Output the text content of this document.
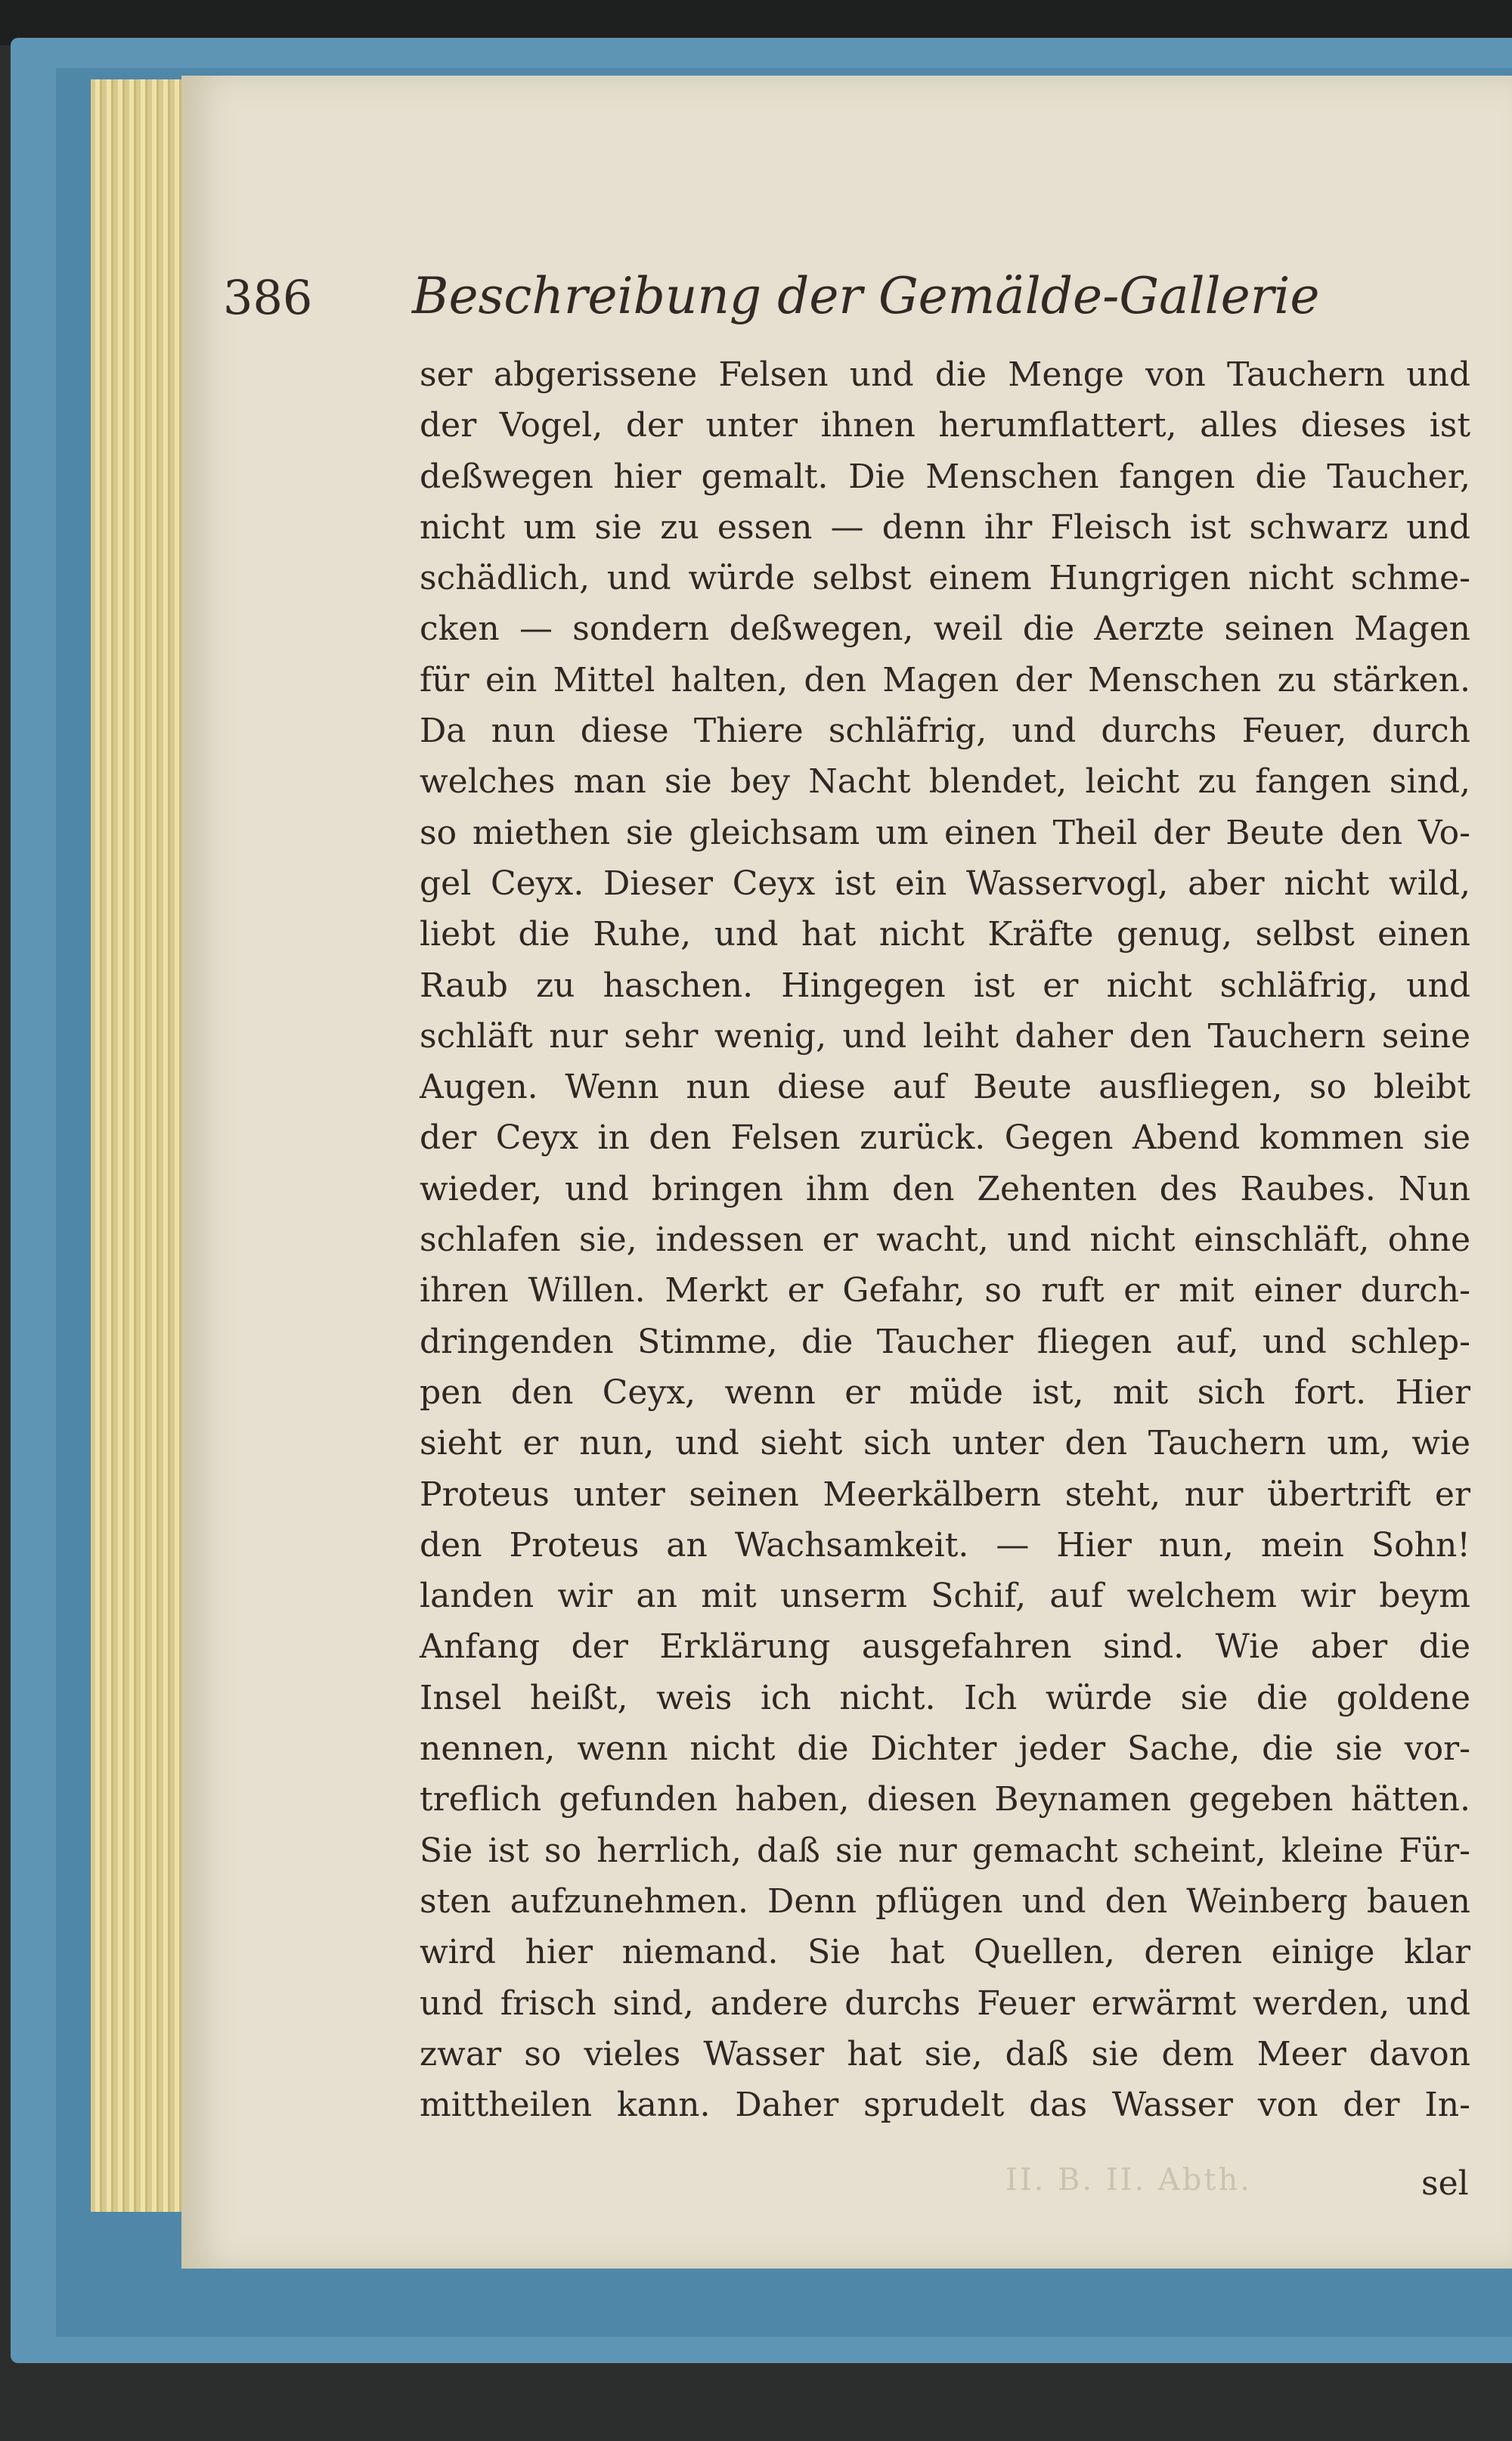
386	Beschreibung der Gemälde-Gallerie
ser abgerissene Felsen und die Menge von Tauchern und
der Vogel, der unter ihnen herumflattert, alles dieses ist
deßwegen hier gemalt. Die Menschen fangen die Taucher,
nicht um sie zu essen — denn ihr Fleisch ist schwarz und
schädlich, und würde selbst einem Hungrigen nicht schme-
cken — sondern deßwegen, weil die Aerzte seinen Magen
für ein Mittel halten, den Magen der Menschen zu stärken.
Da nun diese Thiere schläfrig, und durchs Feuer, durch
welches man sie bey Nacht blendet, leicht zu fangen sind,
so miethen sie gleichsam um einen Theil der Beute den Vo-
gel Ceyx. Dieser Ceyx ist ein Wasservogl, aber nicht wild,
liebt die Ruhe, und hat nicht Kräfte genug, selbst einen
Raub zu haschen. Hingegen ist er nicht schläfrig, und
schläft nur sehr wenig, und leiht daher den Tauchern seine
Augen. Wenn nun diese auf Beute ausfliegen, so bleibt
der Ceyx in den Felsen zurück. Gegen Abend kommen sie
wieder, und bringen ihm den Zehenten des Raubes. Nun
schlafen sie, indessen er wacht, und nicht einschläft, ohne
ihren Willen. Merkt er Gefahr, so ruft er mit einer durch-
dringenden Stimme, die Taucher fliegen auf, und schlep-
pen den Ceyx, wenn er müde ist, mit sich fort. Hier
sieht er nun, und sieht sich unter den Tauchern um, wie
Proteus unter seinen Meerkälbern steht, nur übertrift er
den Proteus an Wachsamkeit. — Hier nun, mein Sohn!
landen wir an mit unserm Schif, auf welchem wir beym
Anfang der Erklärung ausgefahren sind. Wie aber die
Insel heißt, weis ich nicht. Ich würde sie die goldene
nennen, wenn nicht die Dichter jeder Sache, die sie vor-
treflich gefunden haben, diesen Beynamen gegeben hätten.
Sie ist so herrlich, daß sie nur gemacht scheint, kleine Für-
sten aufzunehmen. Denn pflügen und den Weinberg bauen
wird hier niemand. Sie hat Quellen, deren einige klar
und frisch sind, andere durchs Feuer erwärmt werden, und
zwar so vieles Wasser hat sie, daß sie dem Meer davon
mittheilen kann. Daher sprudelt das Wasser von der In-
II. B. II. Abth.	sel
